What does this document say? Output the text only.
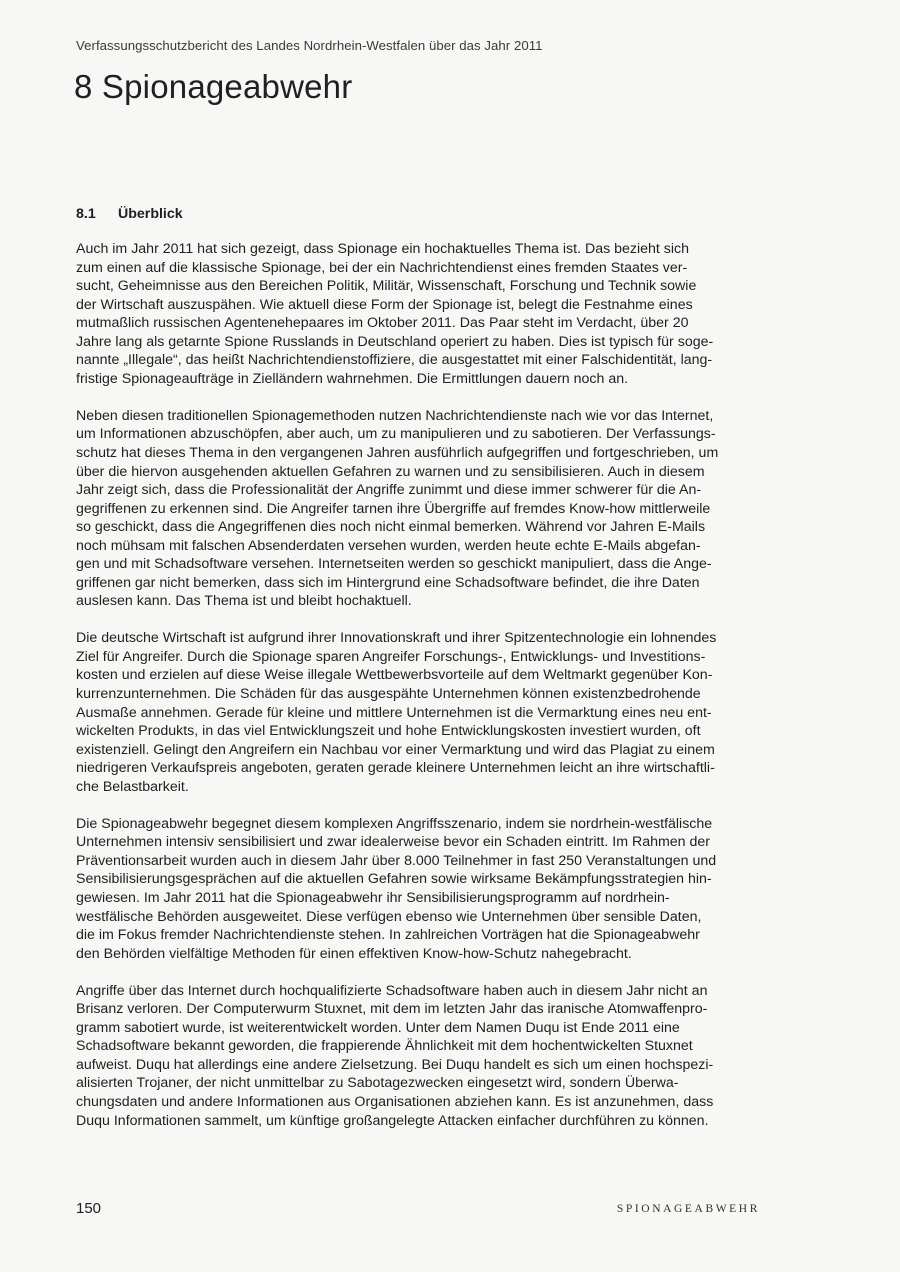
Verfassungsschutzbericht des Landes Nordrhein-Westfalen über das Jahr 2011
8 Spionageabwehr
8.1 Überblick

Auch im Jahr 2011 hat sich gezeigt, dass Spionage ein hochaktuelles Thema ist. Das bezieht sich
zum einen auf die klassische Spionage, bei der ein Nachrichtendienst eines fremden Staates ver-
sucht, Geheimnisse aus den Bereichen Politik, Militär, Wissenschaft, Forschung und Technik sowie
der Wirtschaft auszuspähen. Wie aktuell diese Form der Spionage ist, belegt die Festnahme eines
mutmaßlich russischen Agentenehepaares im Oktober 2011. Das Paar steht im Verdacht, über 20
Jahre lang als getarnte Spione Russlands in Deutschland operiert zu haben. Dies ist typisch für soge-
nannte „Illegale“, das heißt Nachrichtendienstoffiziere, die ausgestattet mit einer Falschidentität, lang-
fristige Spionageaufträge in Zielländern wahrnehmen. Die Ermittlungen dauern noch an.

Neben diesen traditionellen Spionagemethoden nutzen Nachrichtendienste nach wie vor das Internet,
um Informationen abzuschöpfen, aber auch, um zu manipulieren und zu sabotieren. Der Verfassungs-
schutz hat dieses Thema in den vergangenen Jahren ausführlich aufgegriffen und fortgeschrieben, um
über die hiervon ausgehenden aktuellen Gefahren zu warnen und zu sensibilisieren. Auch in diesem
Jahr zeigt sich, dass die Professionalität der Angriffe zunimmt und diese immer schwerer für die An-
gegriffenen zu erkennen sind. Die Angreifer tarnen ihre Übergriffe auf fremdes Know-how mittlerweile
so geschickt, dass die Angegriffenen dies noch nicht einmal bemerken. Während vor Jahren E-Mails
noch mühsam mit falschen Absenderdaten versehen wurden, werden heute echte E-Mails abgefan-
gen und mit Schadsoftware versehen. Internetseiten werden so geschickt manipuliert, dass die Ange-
griffenen gar nicht bemerken, dass sich im Hintergrund eine Schadsoftware befindet, die ihre Daten
auslesen kann. Das Thema ist und bleibt hochaktuell.

Die deutsche Wirtschaft ist aufgrund ihrer Innovationskraft und ihrer Spitzentechnologie ein lohnendes
Ziel für Angreifer. Durch die Spionage sparen Angreifer Forschungs-, Entwicklungs- und Investitions-
kosten und erzielen auf diese Weise illegale Wettbewerbsvorteile auf dem Weltmarkt gegenüber Kon-
kurrenzunternehmen. Die Schäden für das ausgespähte Unternehmen können existenzbedrohende
Ausmaße annehmen. Gerade für kleine und mittlere Unternehmen ist die Vermarktung eines neu ent-
wickelten Produkts, in das viel Entwicklungszeit und hohe Entwicklungskosten investiert wurden, oft
existenziell. Gelingt den Angreifern ein Nachbau vor einer Vermarktung und wird das Plagiat zu einem
niedrigeren Verkaufspreis angeboten, geraten gerade kleinere Unternehmen leicht an ihre wirtschaftli-
che Belastbarkeit.

Die Spionageabwehr begegnet diesem komplexen Angriffsszenario, indem sie nordrhein-westfälische
Unternehmen intensiv sensibilisiert und zwar idealerweise bevor ein Schaden eintritt. Im Rahmen der
Präventionsarbeit wurden auch in diesem Jahr über 8.000 Teilnehmer in fast 250 Veranstaltungen und
Sensibilisierungsgesprächen auf die aktuellen Gefahren sowie wirksame Bekämpfungsstrategien hin-
gewiesen. Im Jahr 2011 hat die Spionageabwehr ihr Sensibilisierungsprogramm auf nordrhein-
westfälische Behörden ausgeweitet. Diese verfügen ebenso wie Unternehmen über sensible Daten,
die im Fokus fremder Nachrichtendienste stehen. In zahlreichen Vorträgen hat die Spionageabwehr
den Behörden vielfältige Methoden für einen effektiven Know-how-Schutz nahegebracht.

Angriffe über das Internet durch hochqualifizierte Schadsoftware haben auch in diesem Jahr nicht an
Brisanz verloren. Der Computerwurm Stuxnet, mit dem im letzten Jahr das iranische Atomwaffenpro-
gramm sabotiert wurde, ist weiterentwickelt worden. Unter dem Namen Duqu ist Ende 2011 eine
Schadsoftware bekannt geworden, die frappierende Ähnlichkeit mit dem hochentwickelten Stuxnet
aufweist. Duqu hat allerdings eine andere Zielsetzung. Bei Duqu handelt es sich um einen hochspezi-
alisierten Trojaner, der nicht unmittelbar zu Sabotagezwecken eingesetzt wird, sondern Überwa-
chungsdaten und andere Informationen aus Organisationen abziehen kann. Es ist anzunehmen, dass
Duqu Informationen sammelt, um künftige großangelegte Attacken einfacher durchführen zu können.

150	SPIONAGEABWEHR
